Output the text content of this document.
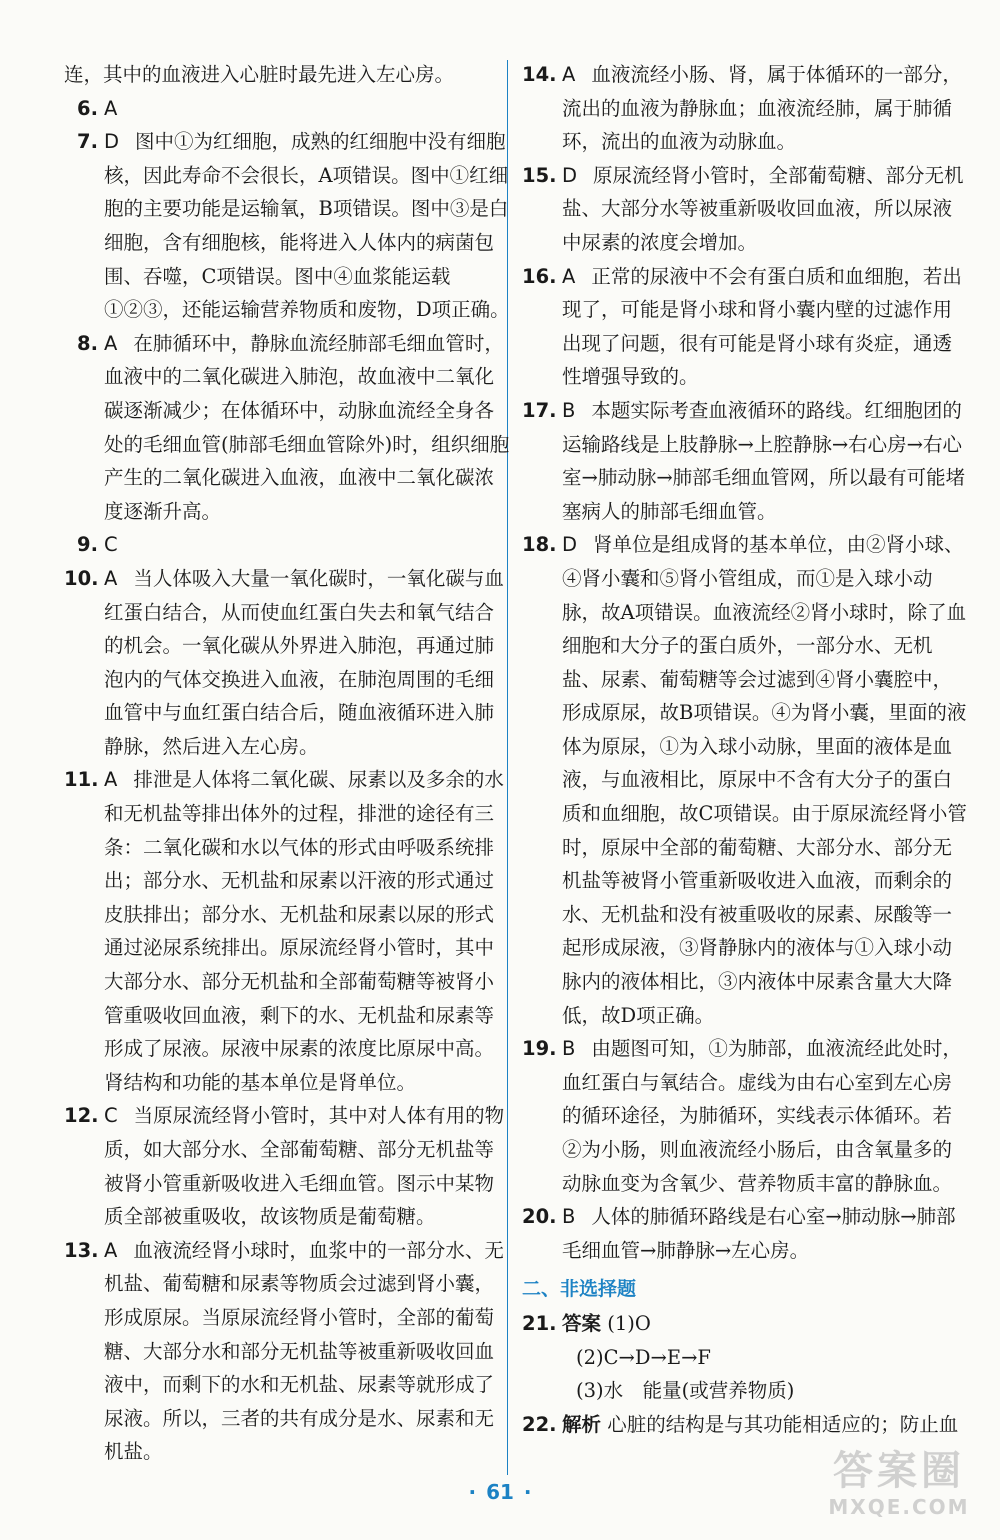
连，其中的血液进入心脏时最先进入左心房。

6. A
7. D 图中①为红细胞，成熟的红细胞中没有细胞核，因此寿命不会很长，A项错误。图中①红细胞的主要功能是运输氧，B项错误。图中③是白细胞，含有细胞核，能将进入人体内的病菌包围、吞噬，C项错误。图中④血浆能运载①②③，还能运输营养物质和废物，D项正确。
8. A 在肺循环中，静脉血流经肺部毛细血管时，血液中的二氧化碳进入肺泡，故血液中二氧化碳逐渐减少；在体循环中，动脉血流经全身各处的毛细血管(肺部毛细血管除外)时，组织细胞产生的二氧化碳进入血液，血液中二氧化碳浓度逐渐升高。
9. C
10. A 当人体吸入大量一氧化碳时，一氧化碳与血红蛋白结合，从而使血红蛋白失去和氧气结合的机会。一氧化碳从外界进入肺泡，再通过肺泡内的气体交换进入血液，在肺泡周围的毛细血管中与血红蛋白结合后，随血液循环进入肺静脉，然后进入左心房。
11. A 排泄是人体将二氧化碳、尿素以及多余的水和无机盐等排出体外的过程，排泄的途径有三条：二氧化碳和水以气体的形式由呼吸系统排出；部分水、无机盐和尿素以汗液的形式通过皮肤排出；部分水、无机盐和尿素以尿的形式通过泌尿系统排出。原尿流经肾小管时，其中大部分水、部分无机盐和全部葡萄糖等被肾小管重吸收回血液，剩下的水、无机盐和尿素等形成了尿液。尿液中尿素的浓度比原尿中高。肾结构和功能的基本单位是肾单位。
12. C 当原尿流经肾小管时，其中对人体有用的物质，如大部分水、全部葡萄糖、部分无机盐等被肾小管重新吸收进入毛细血管。图示中某物质全部被重吸收，故该物质是葡萄糖。
13. A 血液流经肾小球时，血浆中的一部分水、无机盐、葡萄糖和尿素等物质会过滤到肾小囊，形成原尿。当原尿流经肾小管时，全部的葡萄糖、大部分水和部分无机盐等被重新吸收回血液中，而剩下的水和无机盐、尿素等就形成了尿液。所以，三者的共有成分是水、尿素和无机盐。
14. A 血液流经小肠、肾，属于体循环的一部分，流出的血液为静脉血；血液流经肺，属于肺循环，流出的血液为动脉血。
15. D 原尿流经肾小管时，全部葡萄糖、部分无机盐、大部分水等被重新吸收回血液，所以尿液中尿素的浓度会增加。
16. A 正常的尿液中不会有蛋白质和血细胞，若出现了，可能是肾小球和肾小囊内壁的过滤作用出现了问题，很有可能是肾小球有炎症，通透性增强导致的。
17. B 本题实际考查血液循环的路线。红细胞团的运输路线是上肢静脉→上腔静脉→右心房→右心室→肺动脉→肺部毛细血管网，所以最有可能堵塞病人的肺部毛细血管。
18. D 肾单位是组成肾的基本单位，由②肾小球、④肾小囊和⑤肾小管组成，而①是入球小动脉，故A项错误。血液流经②肾小球时，除了血细胞和大分子的蛋白质外，一部分水、无机盐、尿素、葡萄糖等会过滤到④肾小囊腔中，形成原尿，故B项错误。④为肾小囊，里面的液体为原尿，①为入球小动脉，里面的液体是血液，与血液相比，原尿中不含有大分子的蛋白质和血细胞，故C项错误。由于原尿流经肾小管时，原尿中全部的葡萄糖、大部分水、部分无机盐等被肾小管重新吸收进入血液，而剩余的水、无机盐和没有被重吸收的尿素、尿酸等一起形成尿液，③肾静脉内的液体与①入球小动脉内的液体相比，③内液体中尿素含量大大降低，故D项正确。
19. B 由题图可知，①为肺部，血液流经此处时，血红蛋白与氧结合。虚线为由右心室到左心房的循环途径，为肺循环，实线表示体循环。若②为小肠，则血液流经小肠后，由含氧量多的动脉血变为含氧少、营养物质丰富的静脉血。
20. B 人体的肺循环路线是右心室→肺动脉→肺部毛细血管→肺静脉→左心房。

二、非选择题

21. 答案 (1)O

(2)C→D→E→F

(3)水　能量(或营养物质)

22. 解析 心脏的结构是与其功能相适应的；防止血
· 61 ·	答案圈
MXQE.COM
